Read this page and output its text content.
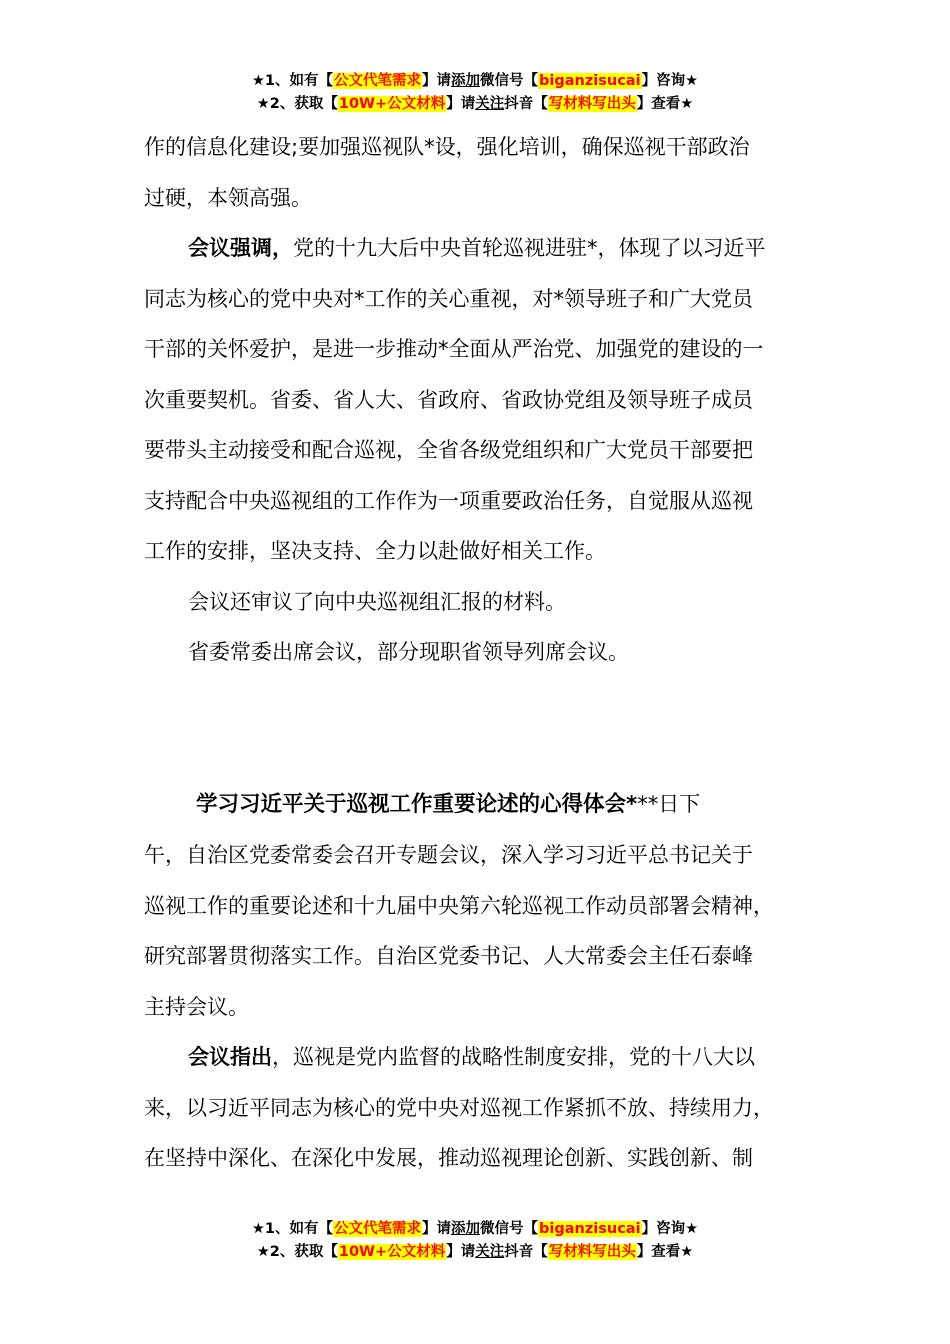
★1、如有【公文代笔需求】请添加微信号【biganzisucai】咨询★
★2、获取【10W+公文材料】请关注抖音【写材料写出头】查看★

作的信息化建设;要加强巡视队*设，强化培训，确保巡视干部政治

过硬，本领高强。

会议强调，党的十九大后中央首轮巡视进驻*，体现了以习近平

同志为核心的党中央对*工作的关心重视，对*领导班子和广大党员

干部的关怀爱护，是进一步推动*全面从严治党、加强党的建设的一

次重要契机。省委、省人大、省政府、省政协党组及领导班子成员

要带头主动接受和配合巡视，全省各级党组织和广大党员干部要把

支持配合中央巡视组的工作作为一项重要政治任务，自觉服从巡视

工作的安排，坚决支持、全力以赴做好相关工作。

会议还审议了向中央巡视组汇报的材料。

省委常委出席会议，部分现职省领导列席会议。

学习习近平关于巡视工作重要论述的心得体会***日下

午，自治区党委常委会召开专题会议，深入学习习近平总书记关于

巡视工作的重要论述和十九届中央第六轮巡视工作动员部署会精神，

研究部署贯彻落实工作。自治区党委书记、人大常委会主任石泰峰

主持会议。

会议指出，巡视是党内监督的战略性制度安排，党的十八大以

来，以习近平同志为核心的党中央对巡视工作紧抓不放、持续用力，

在坚持中深化、在深化中发展，推动巡视理论创新、实践创新、制

★1、如有【公文代笔需求】请添加微信号【biganzisucai】咨询★
★2、获取【10W+公文材料】请关注抖音【写材料写出头】查看★
